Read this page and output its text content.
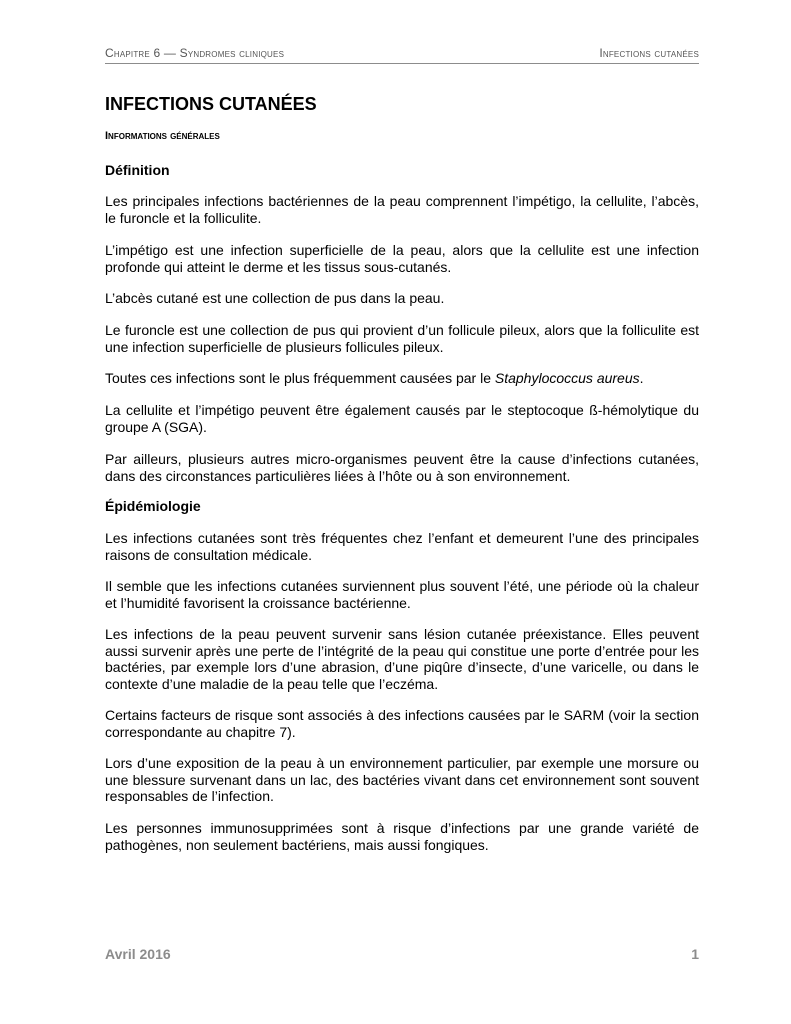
Chapitre 6 — Syndromes cliniques	Infections cutanées
INFECTIONS CUTANÉES
Informations générales
Définition

Les principales infections bactériennes de la peau comprennent l’impétigo, la cellulite, l’abcès, le furoncle et la folliculite.

L’impétigo est une infection superficielle de la peau, alors que la cellulite est une infection profonde qui atteint le derme et les tissus sous-cutanés.

L’abcès cutané est une collection de pus dans la peau.

Le furoncle est une collection de pus qui provient d’un follicule pileux, alors que la folliculite est une infection superficielle de plusieurs follicules pileux.

Toutes ces infections sont le plus fréquemment causées par le Staphylococcus aureus.

La cellulite et l’impétigo peuvent être également causés par le steptocoque ß-hémolytique du groupe A (SGA).

Par ailleurs, plusieurs autres micro-organismes peuvent être la cause d’infections cutanées, dans des circonstances particulières liées à l’hôte ou à son environnement.

Épidémiologie

Les infections cutanées sont très fréquentes chez l’enfant et demeurent l’une des principales raisons de consultation médicale.

Il semble que les infections cutanées surviennent plus souvent l’été, une période où la chaleur et l’humidité favorisent la croissance bactérienne.

Les infections de la peau peuvent survenir sans lésion cutanée préexistance. Elles peuvent aussi survenir après une perte de l’intégrité de la peau qui constitue une porte d’entrée pour les bactéries, par exemple lors d’une abrasion, d’une piqûre d’insecte, d’une varicelle, ou dans le contexte d’une maladie de la peau telle que l’eczéma.

Certains facteurs de risque sont associés à des infections causées par le SARM (voir la section correspondante au chapitre 7).

Lors d’une exposition de la peau à un environnement particulier, par exemple une morsure ou une blessure survenant dans un lac, des bactéries vivant dans cet environnement sont souvent responsables de l’infection.

Les personnes immunosupprimées sont à risque d’infections par une grande variété de pathogènes, non seulement bactériens, mais aussi fongiques.

Avril 2016	1
